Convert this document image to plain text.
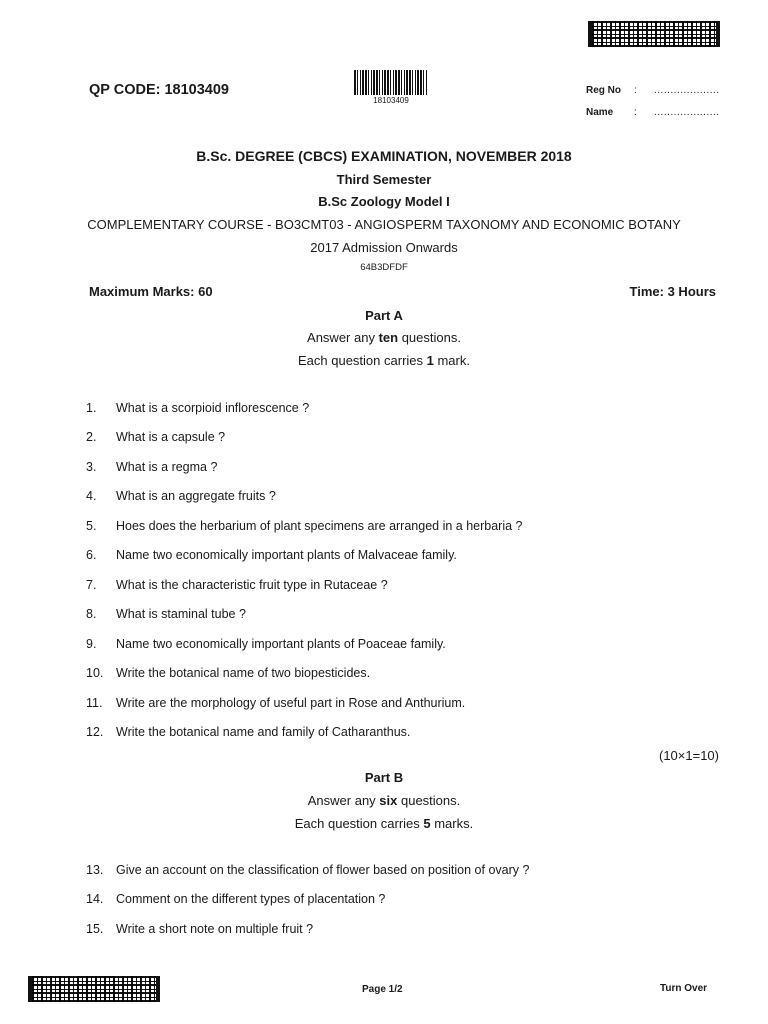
QP CODE: 18103409
18103409
Reg No : ....................
Name : ....................
B.Sc. DEGREE (CBCS) EXAMINATION, NOVEMBER 2018
Third Semester
B.Sc Zoology Model I
COMPLEMENTARY COURSE - BO3CMT03 - ANGIOSPERM TAXONOMY AND ECONOMIC BOTANY
2017 Admission Onwards
64B3DFDF
Maximum Marks: 60	Time: 3 Hours
Part A
Answer any ten questions.
Each question carries 1 mark.
1. What is a scorpioid inflorescence ?
2. What is a capsule ?
3. What is a regma ?
4. What is an aggregate fruits ?
5. Hoes does the herbarium of plant specimens are arranged in a herbaria ?
6. Name two economically important plants of Malvaceae family.
7. What is the characteristic fruit type in Rutaceae ?
8. What is staminal tube ?
9. Name two economically important plants of Poaceae family.
10. Write the botanical name of two biopesticides.
11. Write are the morphology of useful part in Rose and Anthurium.
12. Write the botanical name and family of Catharanthus.
(10×1=10)
Part B
Answer any six questions.
Each question carries 5 marks.
13. Give an account on the classification of flower based on position of ovary ?
14. Comment on the different types of placentation ?
15. Write a short note on multiple fruit ?
Page 1/2	Turn Over
